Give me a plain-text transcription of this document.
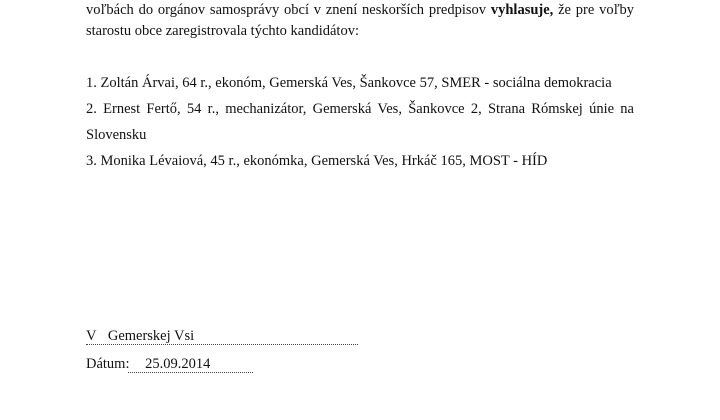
voľbách do orgánov samosprávy obcí v znení neskorších predpisov vyhlasuje, že pre voľby
starostu obce zaregistrovala týchto kandidátov:
1. Zoltán Árvai, 64 r., ekonóm, Gemerská Ves, Šankovce 57, SMER - sociálna demokracia
2. Ernest Fertő, 54 r., mechanizátor, Gemerská Ves, Šankovce 2, Strana Rómskej únie na
Slovensku
3. Monika Lévaiová, 45 r., ekonómka, Gemerská Ves, Hrkáč 165, MOST - HÍD
V Gemerskej Vsi
Dátum: 25.09.2014
